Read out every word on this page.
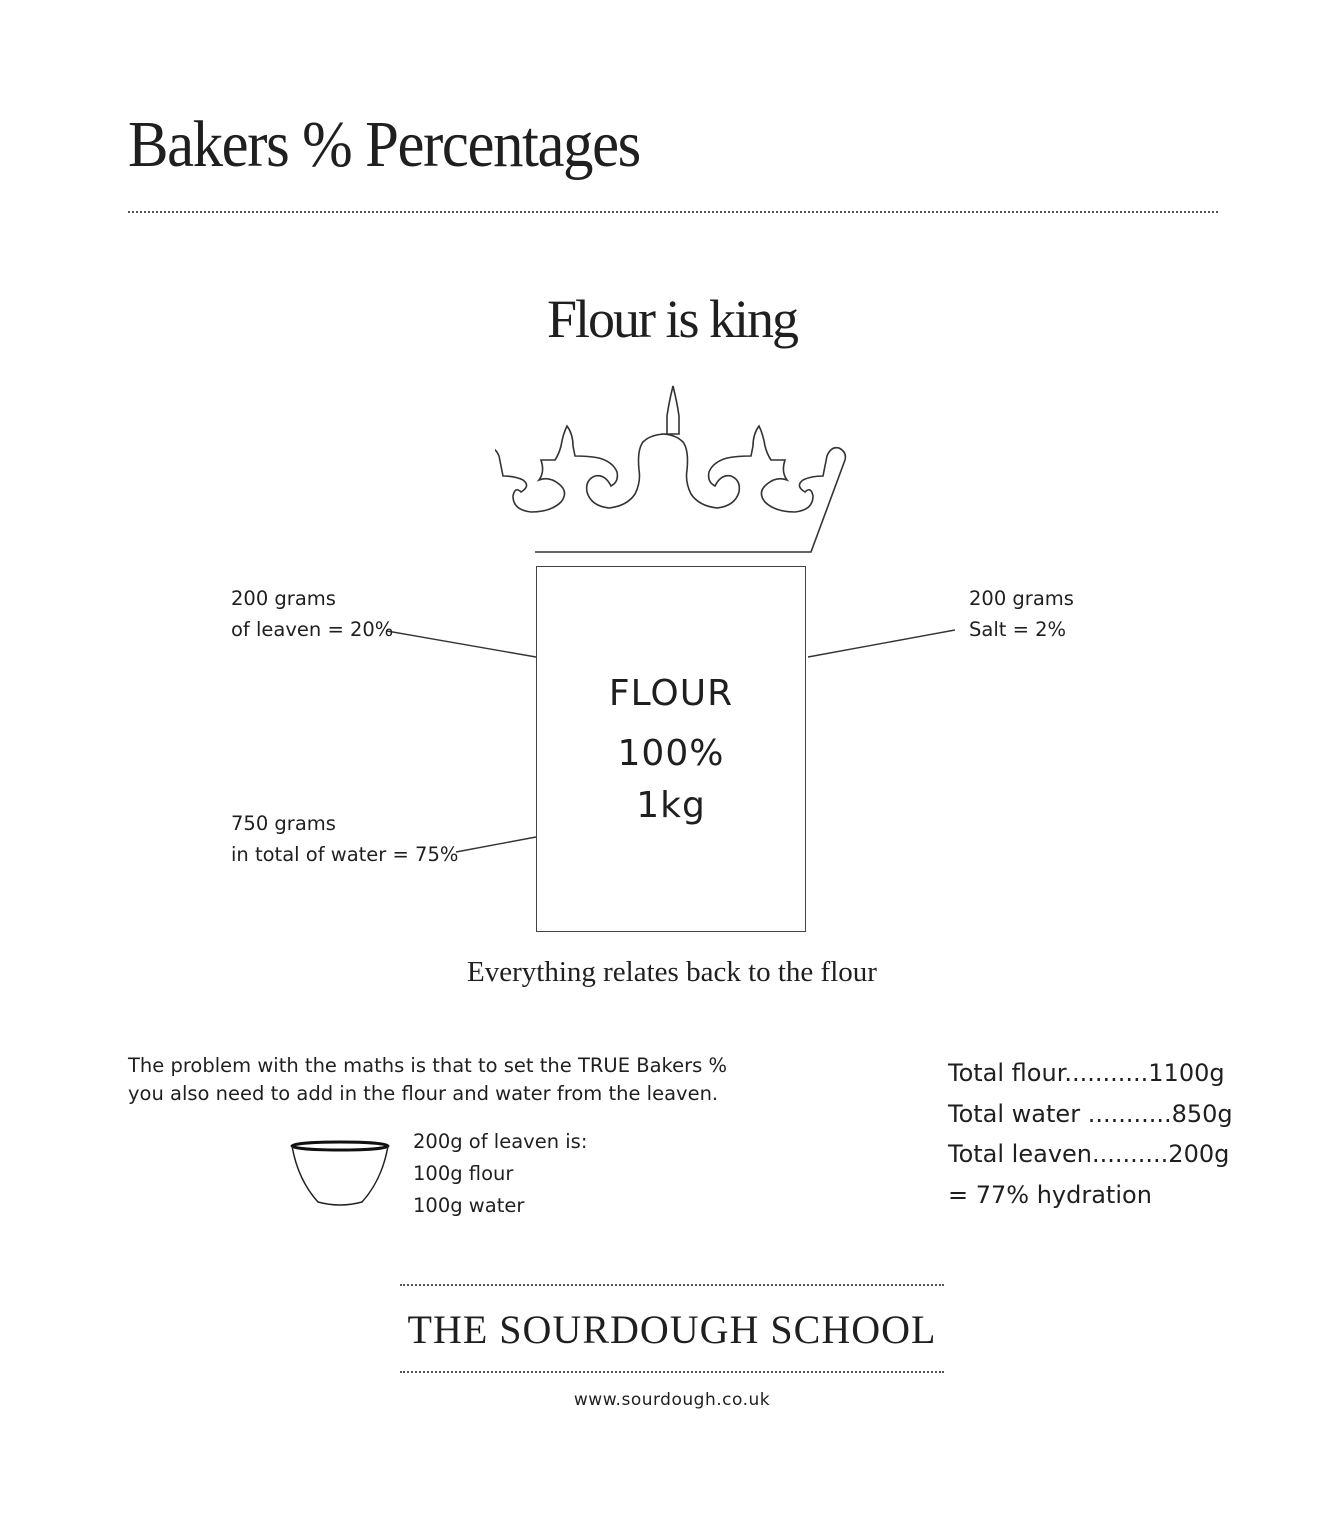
Bakers % Percentages
Flour is king
FLOUR
100%
1kg
200 grams
of leaven = 20%
200 grams
Salt = 2%
750 grams
in total of water = 75%
Everything relates back to the flour
The problem with the maths is that to set the TRUE Bakers %
you also need to add in the flour and water from the leaven.
200g of leaven is:
100g flour
100g water
Total flour...........1100g
Total water ...........850g
Total leaven..........200g
= 77% hydration
THE SOURDOUGH SCHOOL
www.sourdough.co.uk
